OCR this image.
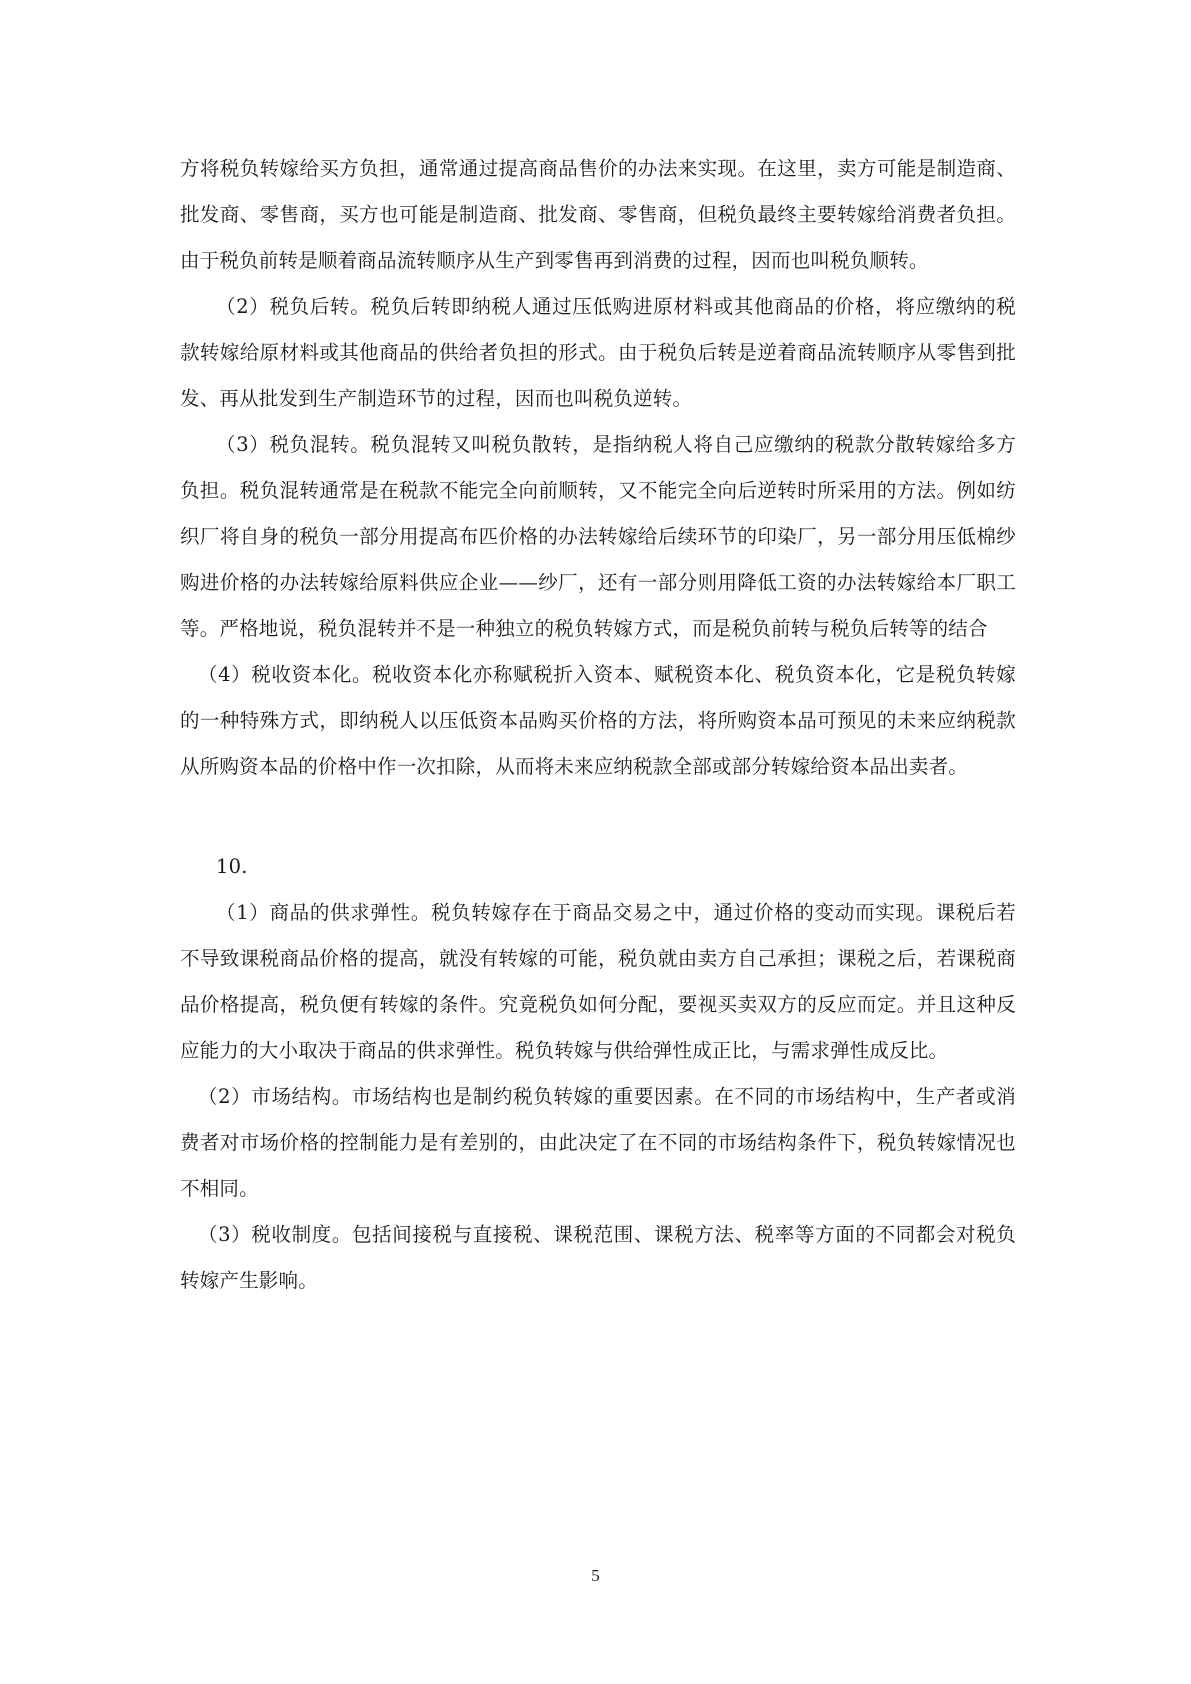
方将税负转嫁给买方负担，通常通过提高商品售价的办法来实现。在这里，卖方可能是制造商、批发商、零售商，买方也可能是制造商、批发商、零售商，但税负最终主要转嫁给消费者负担。由于税负前转是顺着商品流转顺序从生产到零售再到消费的过程，因而也叫税负顺转。

（2）税负后转。税负后转即纳税人通过压低购进原材料或其他商品的价格，将应缴纳的税款转嫁给原材料或其他商品的供给者负担的形式。由于税负后转是逆着商品流转顺序从零售到批发、再从批发到生产制造环节的过程，因而也叫税负逆转。

（3）税负混转。税负混转又叫税负散转，是指纳税人将自己应缴纳的税款分散转嫁给多方负担。税负混转通常是在税款不能完全向前顺转，又不能完全向后逆转时所采用的方法。例如纺织厂将自身的税负一部分用提高布匹价格的办法转嫁给后续环节的印染厂，另一部分用压低棉纱购进价格的办法转嫁给原料供应企业——纱厂，还有一部分则用降低工资的办法转嫁给本厂职工等。严格地说，税负混转并不是一种独立的税负转嫁方式，而是税负前转与税负后转等的结合

（4）税收资本化。税收资本化亦称赋税折入资本、赋税资本化、税负资本化，它是税负转嫁的一种特殊方式，即纳税人以压低资本品购买价格的方法，将所购资本品可预见的未来应纳税款从所购资本品的价格中作一次扣除，从而将未来应纳税款全部或部分转嫁给资本品出卖者。

10.

（1）商品的供求弹性。税负转嫁存在于商品交易之中，通过价格的变动而实现。课税后若不导致课税商品价格的提高，就没有转嫁的可能，税负就由卖方自己承担；课税之后，若课税商品价格提高，税负便有转嫁的条件。究竟税负如何分配，要视买卖双方的反应而定。并且这种反应能力的大小取决于商品的供求弹性。税负转嫁与供给弹性成正比，与需求弹性成反比。

（2）市场结构。市场结构也是制约税负转嫁的重要因素。在不同的市场结构中，生产者或消费者对市场价格的控制能力是有差别的，由此决定了在不同的市场结构条件下，税负转嫁情况也不相同。

（3）税收制度。包括间接税与直接税、课税范围、课税方法、税率等方面的不同都会对税负转嫁产生影响。

5
